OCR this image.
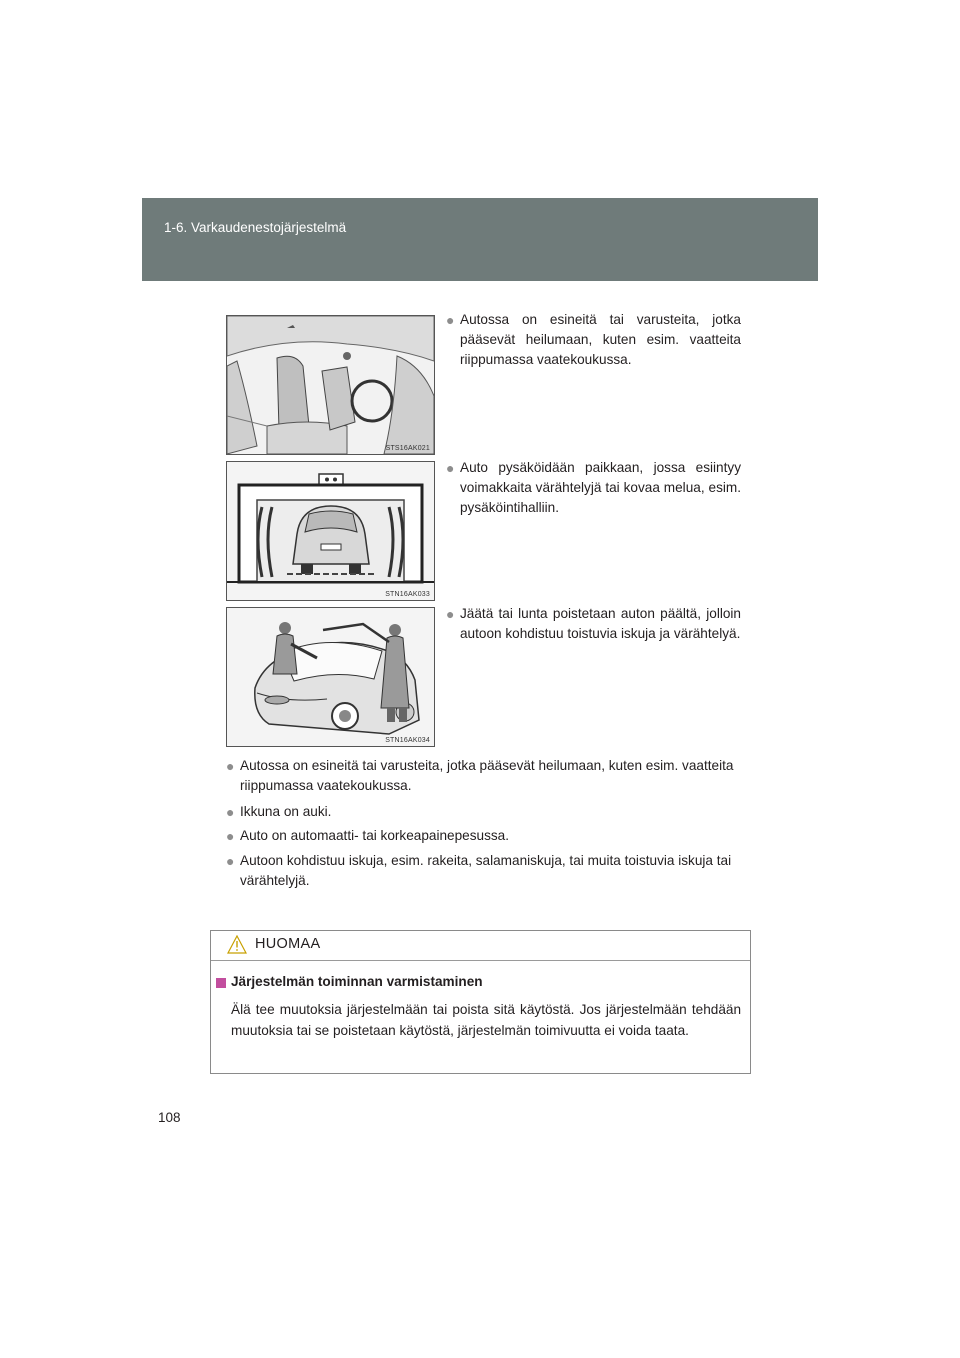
1-6. Varkaudenestojärjestelmä
STS16AK021
● Autossa on esineitä tai varusteita, jotka pääsevät heilumaan, kuten esim. vaatteita riippumassa vaatekoukussa.
STN16AK033
● Auto pysäköidään paikkaan, jossa esiintyy voimakkaita värähtelyjä tai kovaa melua, esim. pysäköintihalliin.
STN16AK034
● Jäätä tai lunta poistetaan auton päältä, jolloin autoon kohdistuu toistuvia iskuja ja värähtelyä.
● Autossa on esineitä tai varusteita, jotka pääsevät heilumaan, kuten esim. vaatteita riippumassa vaatekoukussa.
● Ikkuna on auki.
● Auto on automaatti- tai korkeapainepesussa.
● Autoon kohdistuu iskuja, esim. rakeita, salamaniskuja, tai muita toistuvia iskuja tai värähtelyjä.
HUOMAA
Järjestelmän toiminnan varmistaminen
Älä tee muutoksia järjestelmään tai poista sitä käytöstä. Jos järjestelmään tehdään muutoksia tai se poistetaan käytöstä, järjestelmän toimivuutta ei voida taata.
108
